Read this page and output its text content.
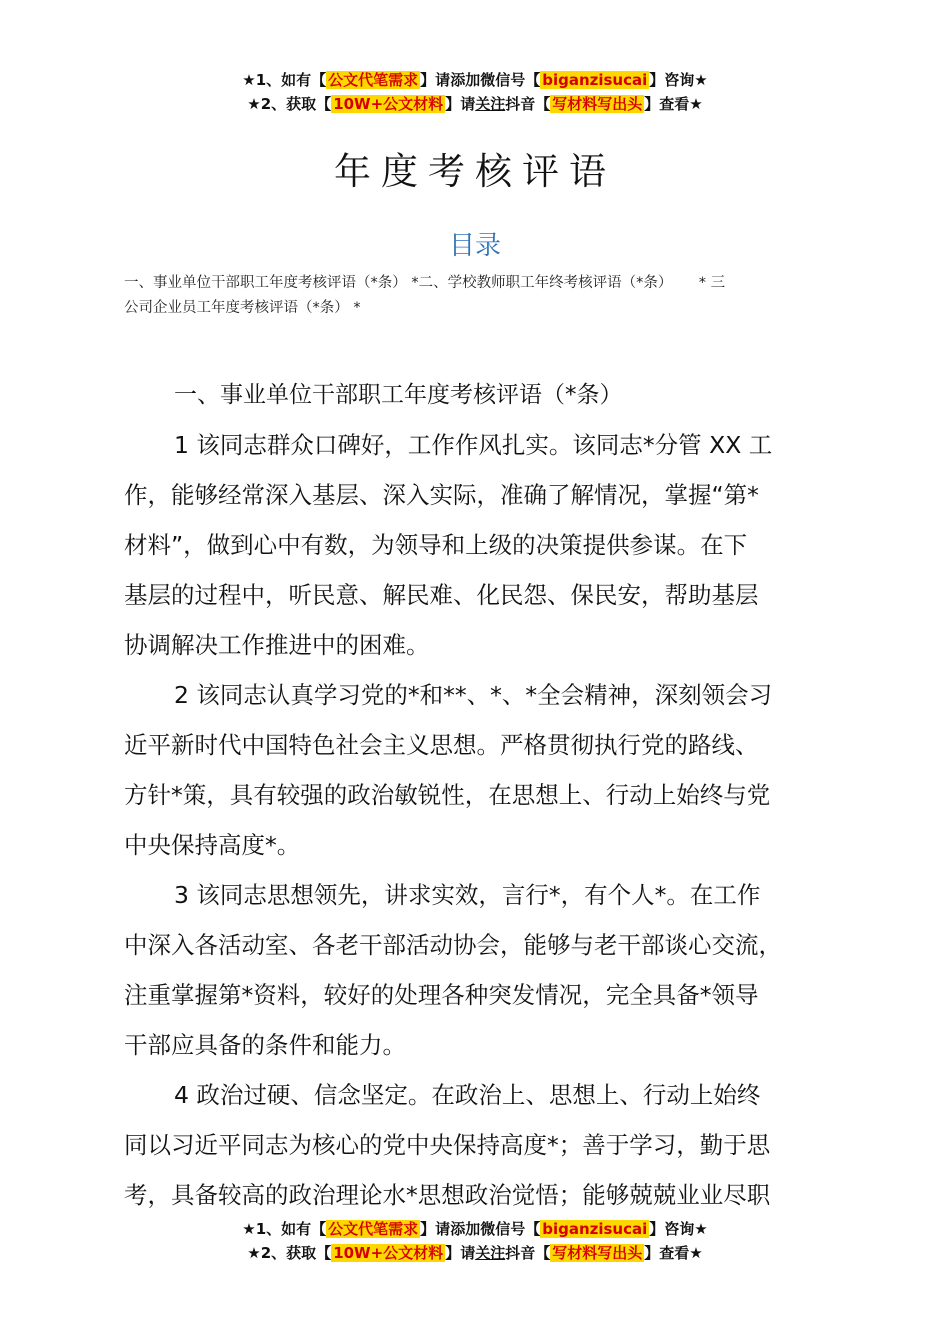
★1、如有【 公文代笔需求 】请添加微信号【 biganzisucai 】咨询★
★2、获取【 10W+公文材料 】请关注抖音【 写材料写出头 】查看★
年度考核评语
目录
一、事业单位干部职工年度考核评语（*条） *二、学校教师职工年终考核评语（*条）　　 * 三
公司企业员工年度考核评语（*条） *
一、事业单位干部职工年度考核评语（*条）
1 该同志群众口碑好，工作作风扎实。该同志*分管 XX 工
作，能够经常深入基层、深入实际，准确了解情况，掌握“第*
材料”，做到心中有数，为领导和上级的决策提供参谋。在下
基层的过程中，听民意、解民难、化民怨、保民安，帮助基层
协调解决工作推进中的困难。
2 该同志认真学习党的*和**、*、*全会精神，深刻领会习
近平新时代中国特色社会主义思想。严格贯彻执行党的路线、
方针*策，具有较强的政治敏锐性，在思想上、行动上始终与党
中央保持高度*。
3 该同志思想领先，讲求实效，言行*，有个人*。在工作
中深入各活动室、各老干部活动协会，能够与老干部谈心交流，
注重掌握第*资料，较好的处理各种突发情况，完全具备*领导
干部应具备的条件和能力。
4 政治过硬、信念坚定。在政治上、思想上、行动上始终
同以习近平同志为核心的党中央保持高度*；善于学习，勤于思
考，具备较高的政治理论水*思想政治觉悟；能够兢兢业业尽职
★1、如有【 公文代笔需求 】请添加微信号【 biganzisucai 】咨询★
★2、获取【 10W+公文材料 】请关注抖音【 写材料写出头 】查看★
